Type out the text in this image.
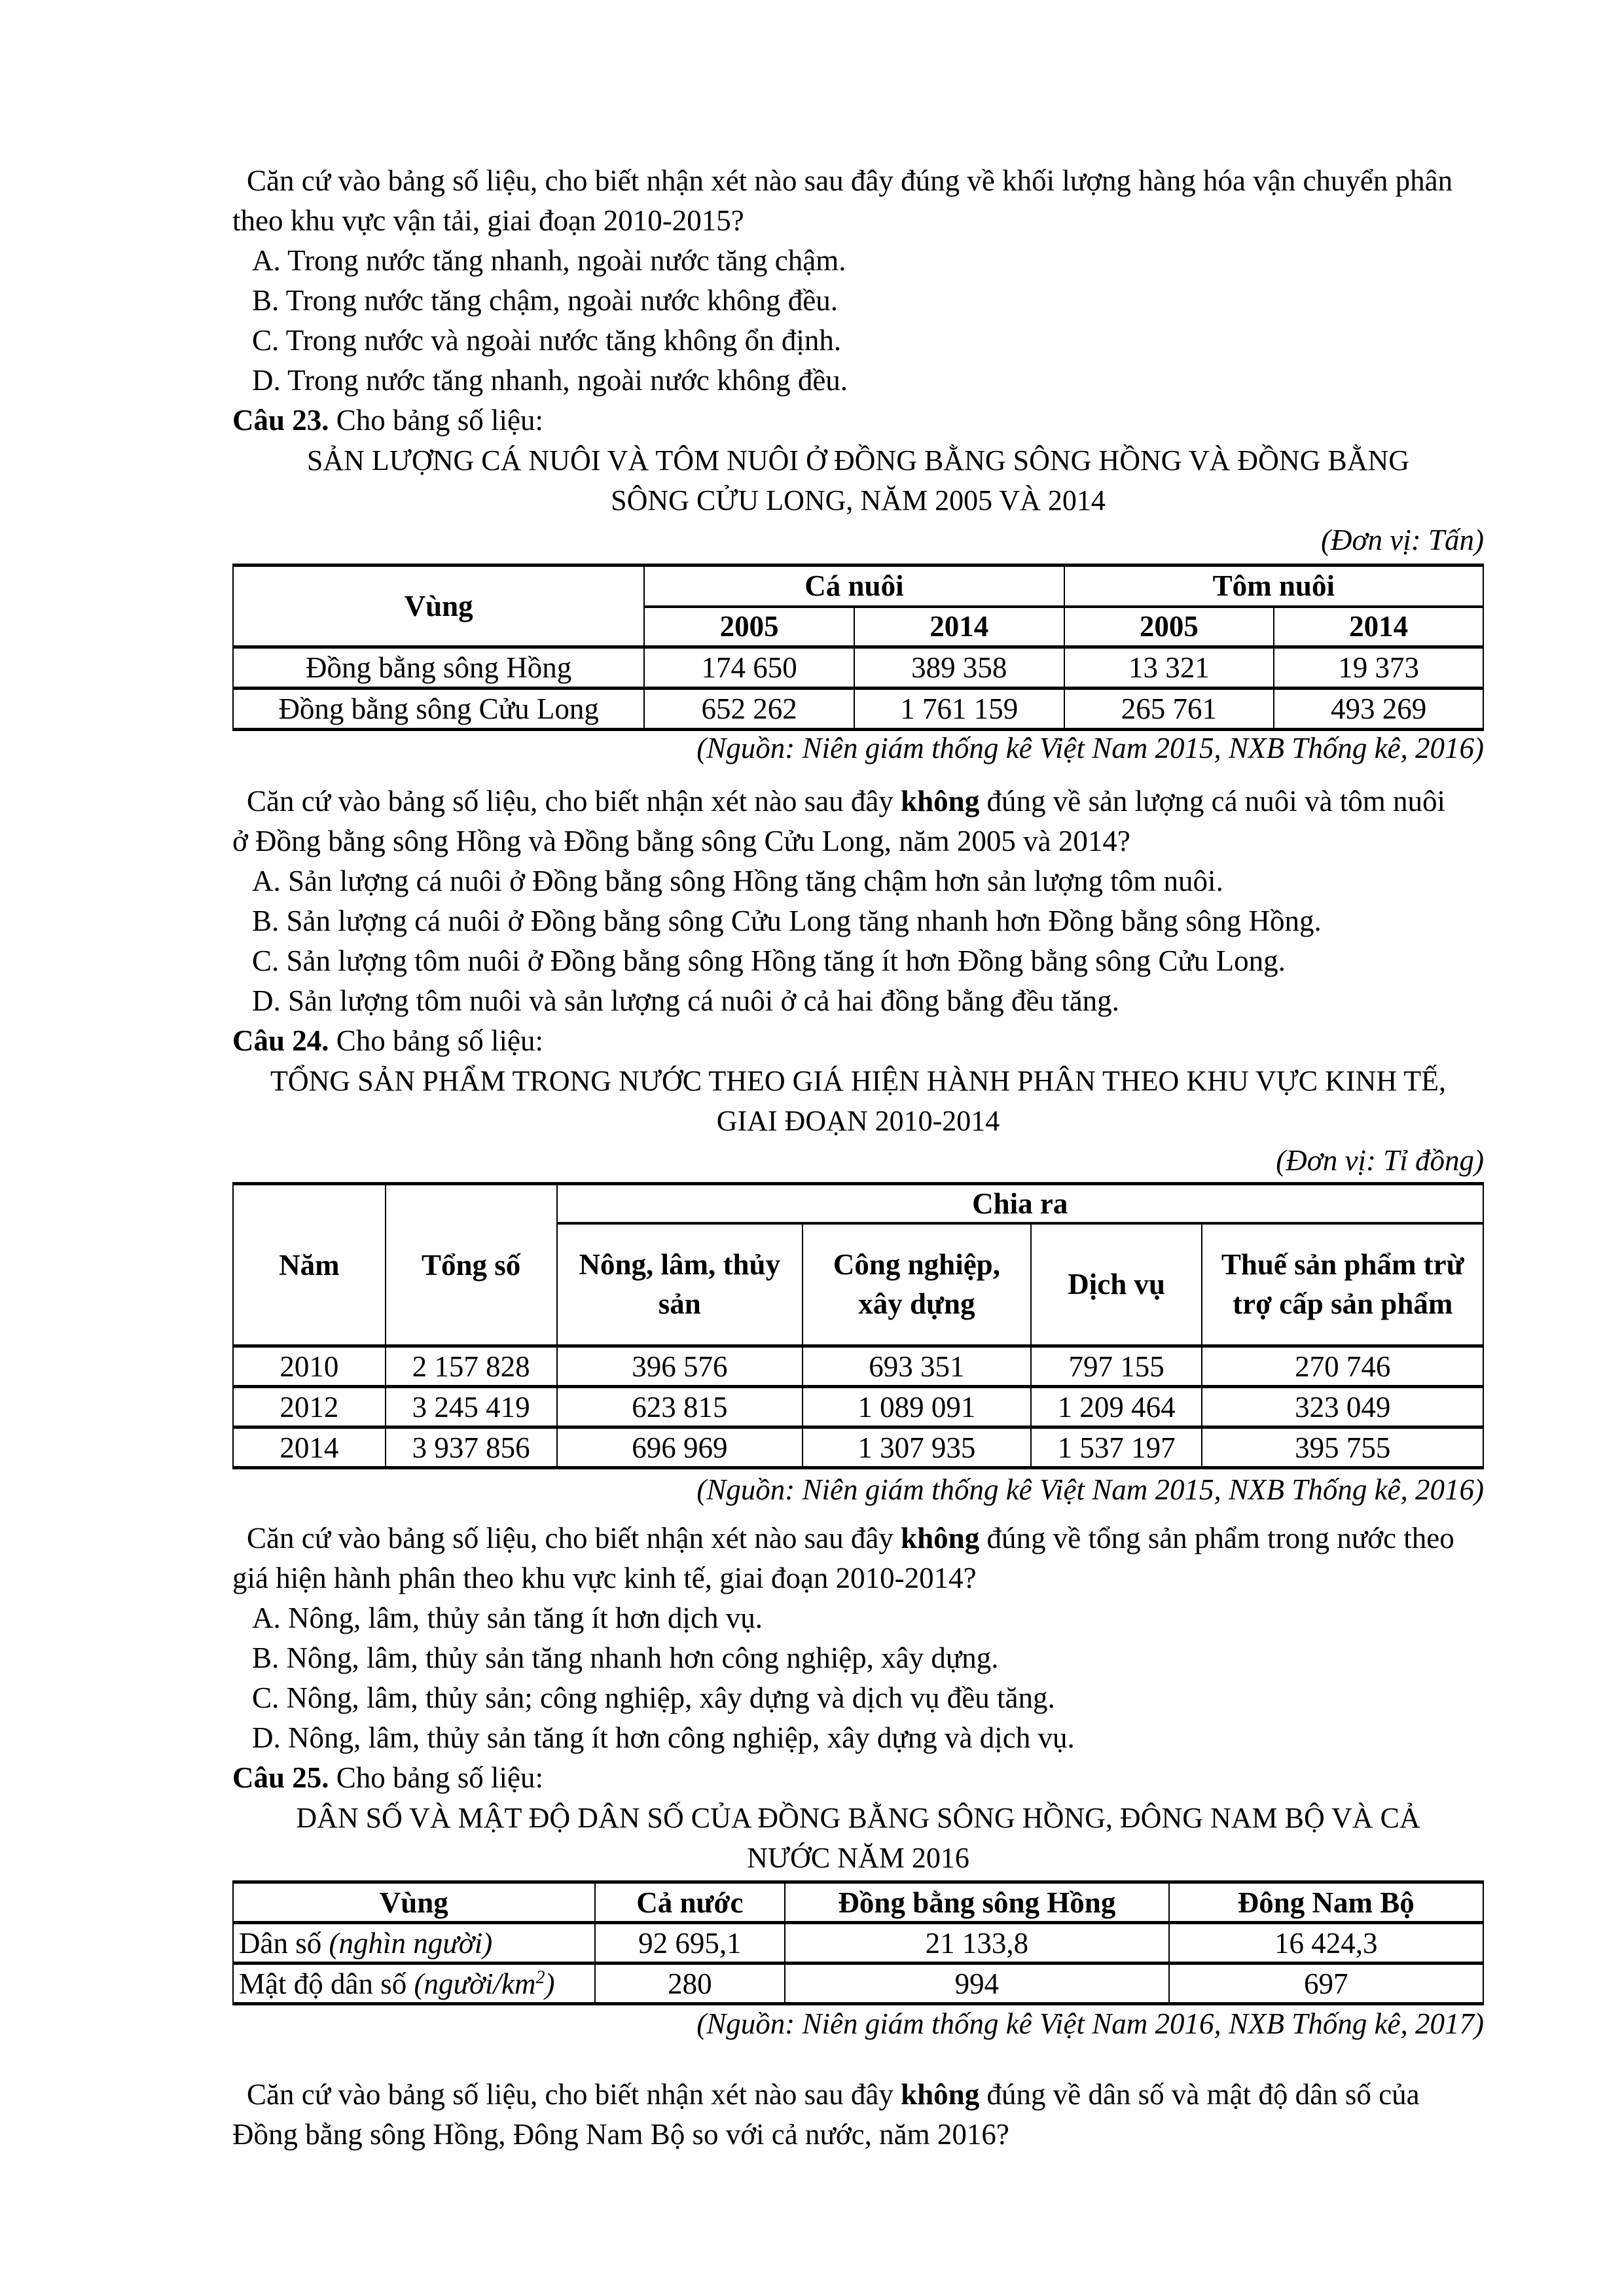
Căn cứ vào bảng số liệu, cho biết nhận xét nào sau đây đúng về khối lượng hàng hóa vận chuyển phân
theo khu vực vận tải, giai đoạn 2010-2015?
A. Trong nước tăng nhanh, ngoài nước tăng chậm.
B. Trong nước tăng chậm, ngoài nước không đều.
C. Trong nước và ngoài nước tăng không ổn định.
D. Trong nước tăng nhanh, ngoài nước không đều.
Câu 23. Cho bảng số liệu:
SẢN LƯỢNG CÁ NUÔI VÀ TÔM NUÔI Ở ĐỒNG BẰNG SÔNG HỒNG VÀ ĐỒNG BẰNG
SÔNG CỬU LONG, NĂM 2005 VÀ 2014
(Đơn vị: Tấn)
Vùng	Cá nuôi		Tôm nuôi	
	2005	2014	2005	2014
Đồng bằng sông Hồng	174 650	389 358	13 321	19 373
Đồng bằng sông Cửu Long	652 262	1 761 159	265 761	493 269
(Nguồn: Niên giám thống kê Việt Nam 2015, NXB Thống kê, 2016)
Căn cứ vào bảng số liệu, cho biết nhận xét nào sau đây không đúng về sản lượng cá nuôi và tôm nuôi
ở Đồng bằng sông Hồng và Đồng bằng sông Cửu Long, năm 2005 và 2014?
A. Sản lượng cá nuôi ở Đồng bằng sông Hồng tăng chậm hơn sản lượng tôm nuôi.
B. Sản lượng cá nuôi ở Đồng bằng sông Cửu Long tăng nhanh hơn Đồng bằng sông Hồng.
C. Sản lượng tôm nuôi ở Đồng bằng sông Hồng tăng ít hơn Đồng bằng sông Cửu Long.
D. Sản lượng tôm nuôi và sản lượng cá nuôi ở cả hai đồng bằng đều tăng.
Câu 24. Cho bảng số liệu:
TỔNG SẢN PHẨM TRONG NƯỚC THEO GIÁ HIỆN HÀNH PHÂN THEO KHU VỰC KINH TẾ,
GIAI ĐOẠN 2010-2014
(Đơn vị: Tỉ đồng)
Năm	Tổng số	Chia ra			
		Nông, lâm, thủy sản	Công nghiệp, xây dựng	Dịch vụ	Thuế sản phẩm trừ trợ cấp sản phẩm
2010	2 157 828	396 576	693 351	797 155	270 746
2012	3 245 419	623 815	1 089 091	1 209 464	323 049
2014	3 937 856	696 969	1 307 935	1 537 197	395 755
(Nguồn: Niên giám thống kê Việt Nam 2015, NXB Thống kê, 2016)
Căn cứ vào bảng số liệu, cho biết nhận xét nào sau đây không đúng về tổng sản phẩm trong nước theo
giá hiện hành phân theo khu vực kinh tế, giai đoạn 2010-2014?
A. Nông, lâm, thủy sản tăng ít hơn dịch vụ.
B. Nông, lâm, thủy sản tăng nhanh hơn công nghiệp, xây dựng.
C. Nông, lâm, thủy sản; công nghiệp, xây dựng và dịch vụ đều tăng.
D. Nông, lâm, thủy sản tăng ít hơn công nghiệp, xây dựng và dịch vụ.
Câu 25. Cho bảng số liệu:
DÂN SỐ VÀ MẬT ĐỘ DÂN SỐ CỦA ĐỒNG BẰNG SÔNG HỒNG, ĐÔNG NAM BỘ VÀ CẢ
NƯỚC NĂM 2016
Vùng	Cả nước	Đồng bằng sông Hồng	Đông Nam Bộ
Dân số (nghìn người)	92 695,1	21 133,8	16 424,3
Mật độ dân số $(người/km^2)$	280	994	697
(Nguồn: Niên giám thống kê Việt Nam 2016, NXB Thống kê, 2017)
Căn cứ vào bảng số liệu, cho biết nhận xét nào sau đây không đúng về dân số và mật độ dân số của
Đồng bằng sông Hồng, Đông Nam Bộ so với cả nước, năm 2016?
